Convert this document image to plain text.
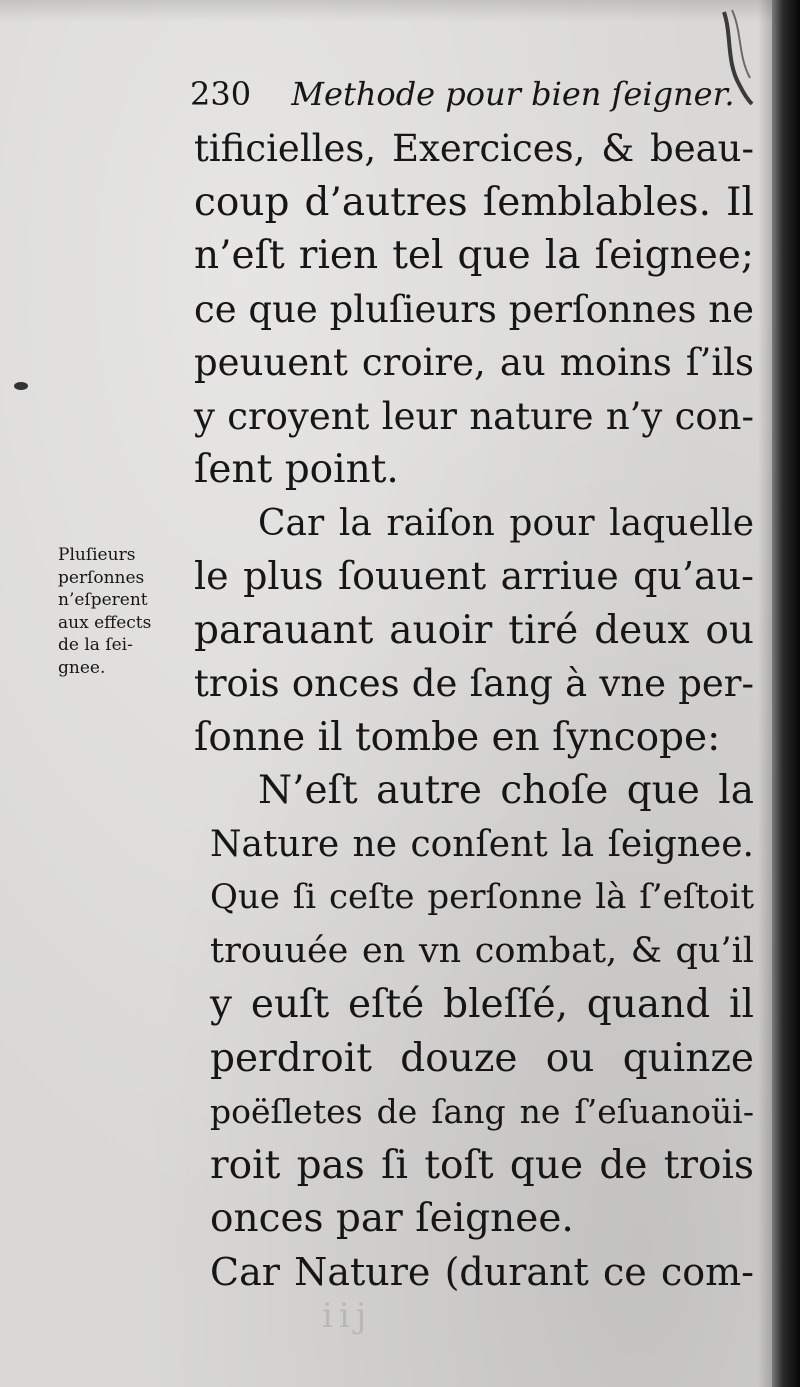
230 Methode pour bien ſeigner.
Pluſieurs
perſonnes
n’eſperent
aux effects
de la ſei-
gnee.
tificielles, Exercices, & beau-
coup d’autres ſemblables. Il
n’eſt rien tel que la ſeignee;
ce que pluſieurs perſonnes ne
peuuent croire, au moins ſ’ils
y croyent leur nature n’y con-
ſent point.
Car la raiſon pour laquelle
le plus ſouuent arriue qu’au-
parauant auoir tiré deux ou
trois onces de ſang à vne per-
ſonne il tombe en ſyncope:
N’eſt autre choſe que la
Nature ne conſent la ſeignee.
Que ſi ceſte perſonne là ſ’eſtoit
trouuée en vn combat, & qu’il
y euſt eſté bleſſé, quand il
perdroit douze ou quinze
poëſletes de ſang ne ſ’eſuanoüi-
roit pas ſi toſt que de trois
onces par ſeignee.
Car Nature (durant ce com-
iij
